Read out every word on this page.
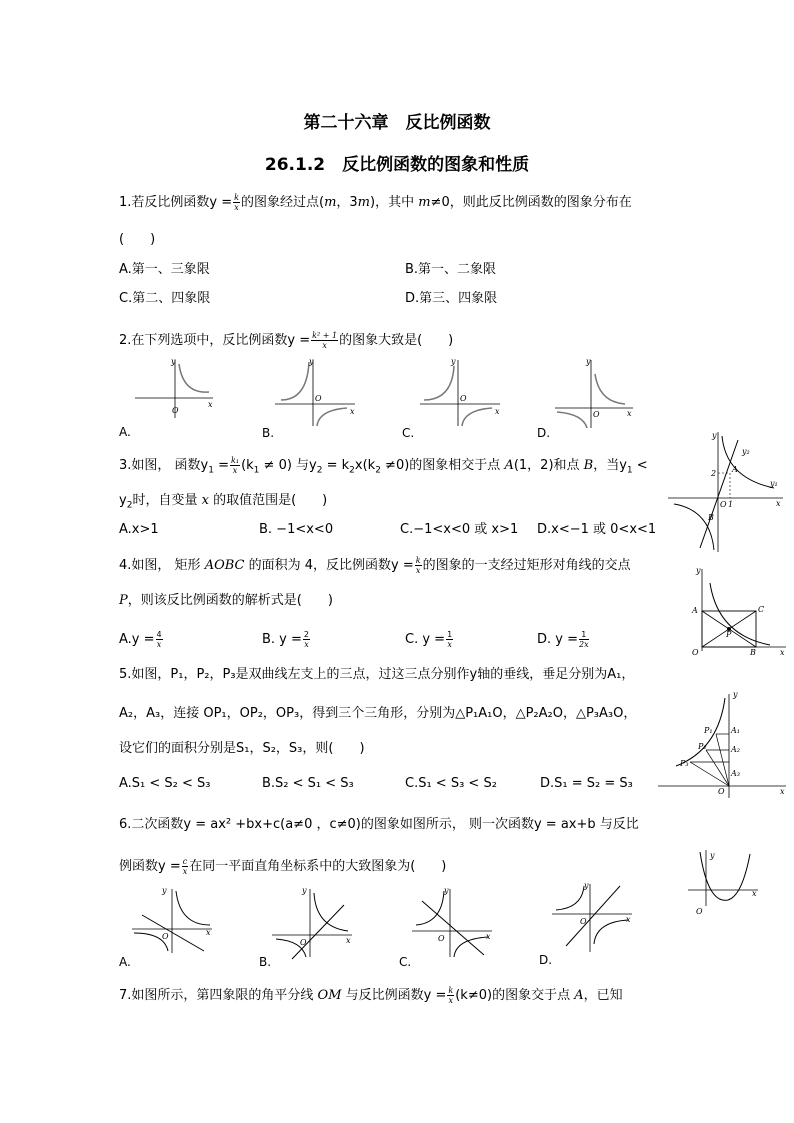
第二十六章　反比例函数
26.1.2　反比例函数的图象和性质
1.若反比例函数$y = \frac{k}{x}$ 的图象经过点(m，3m)，其中 m≠0，则此反比例函数的图象分布在
(　　)
A.第一、三象限	B.第一、二象限
C.第二、四象限	D.第三、四象限
2.在下列选项中，反比例函数$y = \frac{\text{k² + 1}}{x}$ 的图象大致是(　　)
y
x
O
y
x
O
y
x
O
y
x
O
A.	B.	C.	D.
3.如图， 函数$y_1 = \frac{\text{k₁}}{x} (k_1 \ne 0)$ 与$y_2 = k_2x(k_2 \ne 0)$的图象相交于点 A(1，2)和点 B，当$y_1$ <
$y_2$时，自变量 x 的取值范围是(　　)
A.x>1	B. −1<x<0	C.−1<x<0 或 x>1 D.x<−1 或 0<x<1
y
x
y₂
y₁
A
B
2
O 1
4.如图， 矩形 AOBC 的面积为 4，反比例函数$y = \frac{k}{x}$ 的图象的一支经过矩形对角线的交点
P，则该反比例函数的解析式是(　　)
$A.y = \frac{4}{x}$	B. $y = \frac{2}{x}$	C. $y = \frac{1}{x}$	D. $y = \frac{1}{2x}$
y
A	C
P
O	B	x
5.如图，P₁，P₂，P₃是双曲线左支上的三点，过这三点分别作y轴的垂线，垂足分别为A₁，
A₂，A₃，连接 OP₁，OP₂，OP₃，得到三个三角形，分别为△P₁A₁O，△P₂A₂O，△P₃A₃O，
设它们的面积分别是S₁，S₂，S₃，则(　　)
A.S₁ < S₂ < S₃	B.S₂ < S₁ < S₃	C.S₁ < S₃ < S₂	D.S₁ = S₂ = S₃
y
P₁
P₂
P₃
A₁
A₂
A₃
O	x
6.二次函数y = ax² +bx+c(a≠0 ，c≠0)的图象如图所示， 则一次函数y = ax+b 与反比
例函数$y = \frac{c}{x}$ 在同一平面直角坐标系中的大致图象为(　　)
y
x
O
y
x
O
y
x
O
y
x
O
y
x
O
A.	B.	C.	D.
7.如图所示，第四象限的角平分线 OM 与反比例函数$y = \frac{k}{x} (k\ne 0)$的图象交于点 A，已知
